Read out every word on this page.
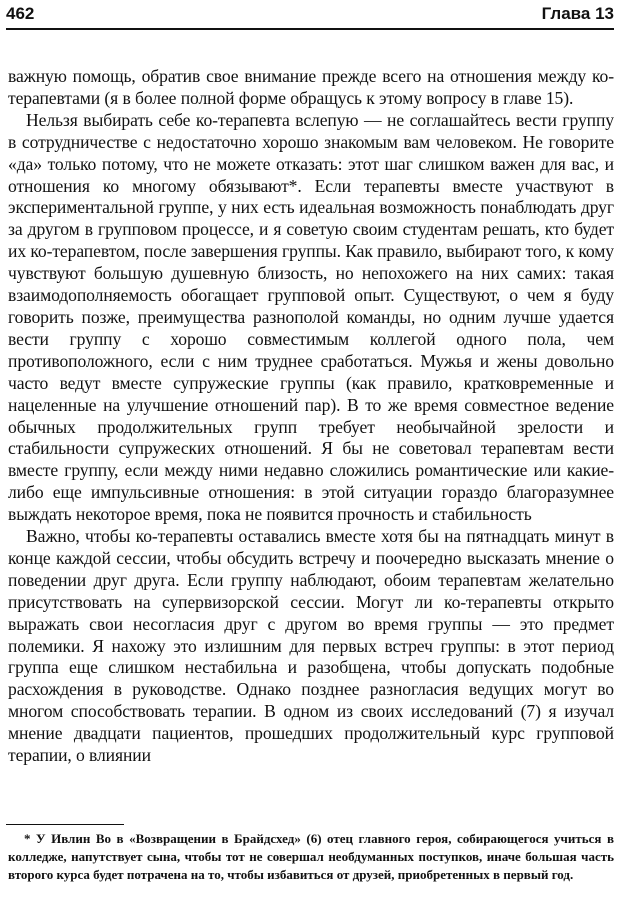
462	Глава 13

важную помощь, обратив свое внимание прежде всего на отношения между ко-терапевтами (я в более полной форме обращусь к этому вопросу в главе 15).

Нельзя выбирать себе ко-терапевта вслепую — не соглашайтесь вести группу в сотрудничестве с недостаточно хорошо знакомым вам человеком. Не говорите «да» только потому, что не можете отказать: этот шаг слишком важен для вас, и отношения ко многому обязывают*. Если терапевты вместе участвуют в экспериментальной группе, у них есть идеальная возможность понаблюдать друг за другом в групповом процессе, и я советую своим студентам решать, кто будет их ко-терапевтом, после завершения группы. Как правило, выбирают того, к кому чувствуют большую душевную близость, но непохожего на них самих: такая взаимодополняемость обогащает групповой опыт. Существуют, о чем я буду говорить позже, преимущества разнополой команды, но одним лучше удается вести группу с хорошо совместимым коллегой одного пола, чем противоположного, если с ним труднее сработаться. Мужья и жены довольно часто ведут вместе супружеские группы (как правило, кратковременные и нацеленные на улучшение отношений пар). В то же время совместное ведение обычных продолжительных групп требует необычайной зрелости и стабильности супружеских отношений. Я бы не советовал терапевтам вести вместе группу, если между ними недавно сложились романтические или какие-либо еще импульсивные отношения: в этой ситуации гораздо благоразумнее выждать некоторое время, пока не появится прочность и стабильность

Важно, чтобы ко-терапевты оставались вместе хотя бы на пятнадцать минут в конце каждой сессии, чтобы обсудить встречу и поочередно высказать мнение о поведении друг друга. Если группу наблюдают, обоим терапевтам желательно присутствовать на супервизорской сессии. Могут ли ко-терапевты открыто выражать свои несогласия друг с другом во время группы — это предмет полемики. Я нахожу это излишним для первых встреч группы: в этот период группа еще слишком нестабильна и разобщена, чтобы допускать подобные расхождения в руководстве. Однако позднее разногласия ведущих могут во многом способствовать терапии. В одном из своих исследований (7) я изучал мнение двадцати пациентов, прошедших продолжительный курс групповой терапии, о влиянии

* У Ивлин Во в «Возвращении в Брайдсхед» (6) отец главного героя, собирающегося учиться в колледже, напутствует сына, чтобы тот не совершал необдуманных поступков, иначе большая часть второго курса будет потрачена на то, чтобы избавиться от друзей, приобретенных в первый год.
